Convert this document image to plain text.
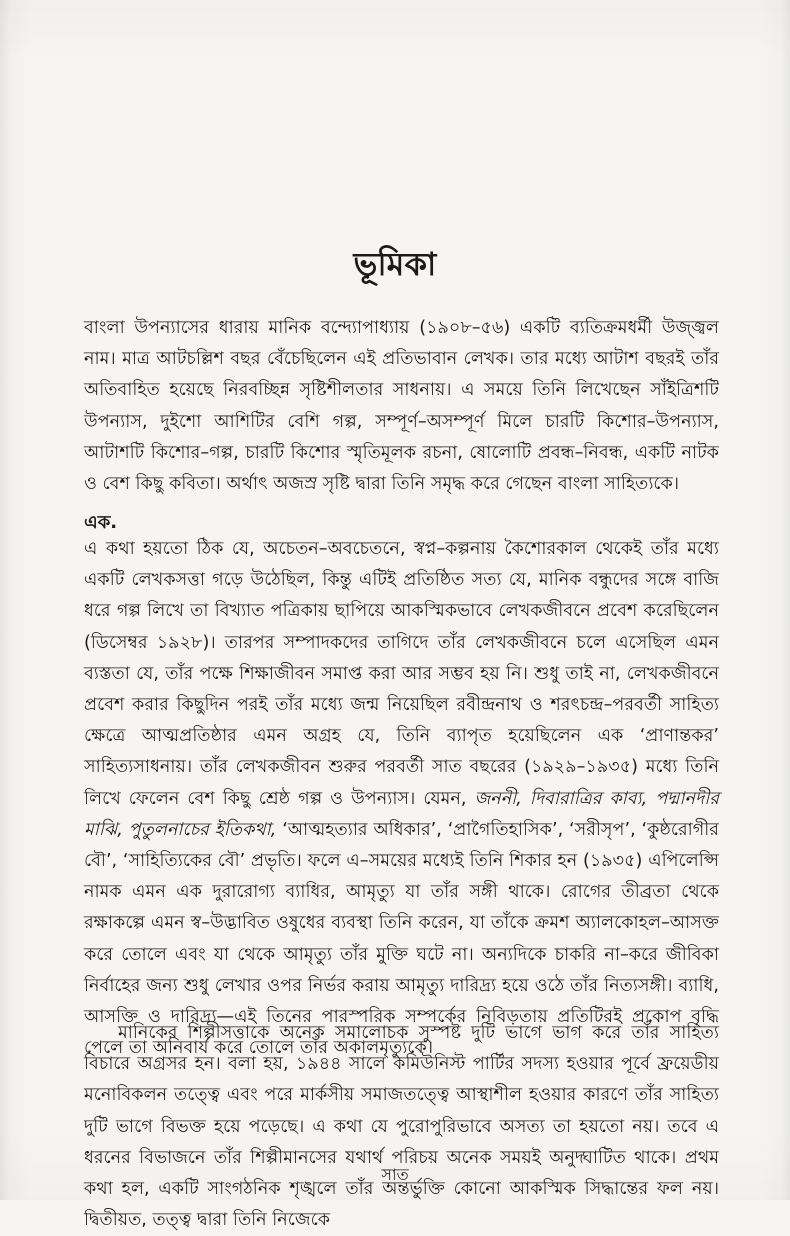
ভূমিকা

বাংলা উপন্যাসের ধারায় মানিক বন্দ্যোপাধ্যায় (১৯০৮–৫৬) একটি ব্যতিক্রমধর্মী উজ্জ্বল নাম। মাত্র আটচল্লিশ বছর বেঁচেছিলেন এই প্রতিভাবান লেখক। তার মধ্যে আটাশ বছরই তাঁর অতিবাহিত হয়েছে নিরবচ্ছিন্ন সৃষ্টিশীলতার সাধনায়। এ সময়ে তিনি লিখেছেন সাঁইত্রিশটি উপন্যাস, দুইশো আশিটির বেশি গল্প, সম্পূর্ণ–অসম্পূর্ণ মিলে চারটি কিশোর–উপন্যাস, আটাশটি কিশোর–গল্প, চারটি কিশোর স্মৃতিমূলক রচনা, ষোলোটি প্রবন্ধ–নিবন্ধ, একটি নাটক ও বেশ কিছু কবিতা। অর্থাৎ অজস্র সৃষ্টি দ্বারা তিনি সমৃদ্ধ করে গেছেন বাংলা সাহিত্যকে।

এক.

এ কথা হয়তো ঠিক যে, অচেতন–অবচেতনে, স্বপ্ন–কল্পনায় কৈশোরকাল থেকেই তাঁর মধ্যে একটি লেখকসত্তা গড়ে উঠেছিল, কিন্তু এটিই প্রতিষ্ঠিত সত্য যে, মানিক বন্ধুদের সঙ্গে বাজি ধরে গল্প লিখে তা বিখ্যাত পত্রিকায় ছাপিয়ে আকস্মিকভাবে লেখকজীবনে প্রবেশ করেছিলেন (ডিসেম্বর ১৯২৮)। তারপর সম্পাদকদের তাগিদে তাঁর লেখকজীবনে চলে এসেছিল এমন ব্যস্ততা যে, তাঁর পক্ষে শিক্ষাজীবন সমাপ্ত করা আর সম্ভব হয় নি। শুধু তাই না, লেখকজীবনে প্রবেশ করার কিছুদিন পরই তাঁর মধ্যে জন্ম নিয়েছিল রবীন্দ্রনাথ ও শরৎচন্দ্র–পরবর্তী সাহিত্য ক্ষেত্রে আত্মপ্রতিষ্ঠার এমন অগ্রহ যে, তিনি ব্যাপৃত হয়েছিলেন এক ‘প্রাণান্তকর’ সাহিত্যসাধনায়। তাঁর লেখকজীবন শুরুর পরবর্তী সাত বছরের (১৯২৯–১৯৩৫) মধ্যে তিনি লিখে ফেলেন বেশ কিছু শ্রেষ্ঠ গল্প ও উপন্যাস। যেমন, জননী, দিবারাত্রির কাব্য, পদ্মানদীর মাঝি, পুতুলনাচের ইতিকথা, ‘আত্মহত্যার অধিকার’, ‘প্রাগৈতিহাসিক’, ‘সরীসৃপ’, ‘কুষ্ঠরোগীর বৌ’, ‘সাহিত্যিকের বৌ’ প্রভৃতি। ফলে এ–সময়ের মধ্যেই তিনি শিকার হন (১৯৩৫) এপিলেপ্সি নামক এমন এক দুরারোগ্য ব্যাধির, আমৃত্যু যা তাঁর সঙ্গী থাকে। রোগের তীব্রতা থেকে রক্ষাকল্পে এমন স্ব–উদ্ভাবিত ওষুধের ব্যবস্থা তিনি করেন, যা তাঁকে ক্রমশ অ্যালকোহল–আসক্ত করে তোলে এবং যা থেকে আমৃত্যু তাঁর মুক্তি ঘটে না। অন্যদিকে চাকরি না–করে জীবিকা নির্বাহের জন্য শুধু লেখার ওপর নির্ভর করায় আমৃত্যু দারিদ্র্য হয়ে ওঠে তাঁর নিত্যসঙ্গী। ব্যাধি, আসক্তি ও দারিদ্র্য—এই তিনের পারস্পরিক সম্পর্কের নিবিড়তায় প্রতিটিরই প্রকোপ বৃদ্ধি পেলে তা অনিবার্য করে তোলে তাঁর অকালমৃত্যুকে।

মানিকের শিল্পীসত্তাকে অনেক সমালোচক সুস্পষ্ট দুটি ভাগে ভাগ করে তাঁর সাহিত্য বিচারে অগ্রসর হন। বলা হয়, ১৯৪৪ সালে কমিউনিস্ট পার্টির সদস্য হওয়ার পূর্বে ফ্রয়েডীয় মনোবিকলন তত্ত্বে এবং পরে মার্কসীয় সমাজতত্ত্বে আস্থাশীল হওয়ার কারণে তাঁর সাহিত্য দুটি ভাগে বিভক্ত হয়ে পড়েছে। এ কথা যে পুরোপুরিভাবে অসত্য তা হয়তো নয়। তবে এ ধরনের বিভাজনে তাঁর শিল্পীমানসের যথার্থ পরিচয় অনেক সময়ই অনুদ্ঘাটিত থাকে। প্রথম কথা হল, একটি সাংগঠনিক শৃঙ্খলে তাঁর অন্তর্ভুক্তি কোনো আকস্মিক সিদ্ধান্তের ফল নয়। দ্বিতীয়ত, তত্ত্ব দ্বারা তিনি নিজেকে

সাত
